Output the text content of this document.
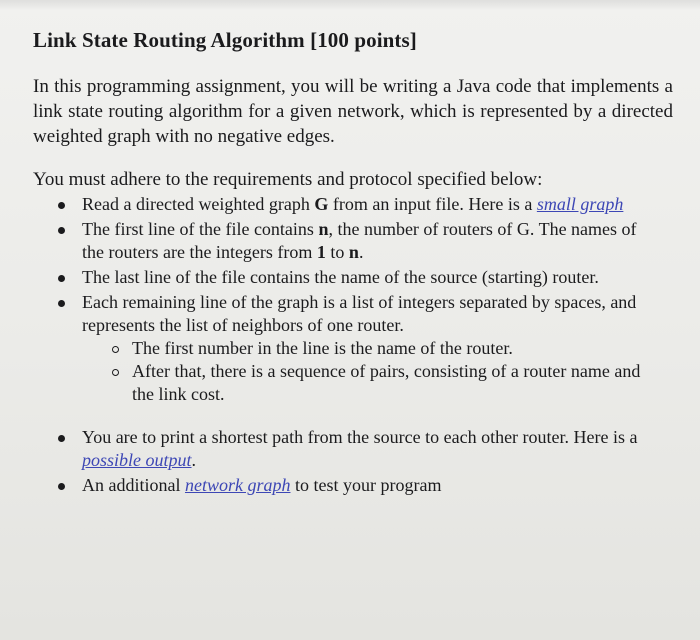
Link State Routing Algorithm [100 points]

In this programming assignment, you will be writing a Java code that implements a link state routing algorithm for a given network, which is represented by a directed weighted graph with no negative edges.

You must adhere to the requirements and protocol specified below:

Read a directed weighted graph G from an input file. Here is a small graph
The first line of the file contains n, the number of routers of G. The names of the routers are the integers from 1 to n.
The last line of the file contains the name of the source (starting) router.
Each remaining line of the graph is a list of integers separated by spaces, and represents the list of neighbors of one router.
The first number in the line is the name of the router.
After that, there is a sequence of pairs, consisting of a router name and the link cost.
You are to print a shortest path from the source to each other router. Here is a possible output.
An additional network graph to test your program
